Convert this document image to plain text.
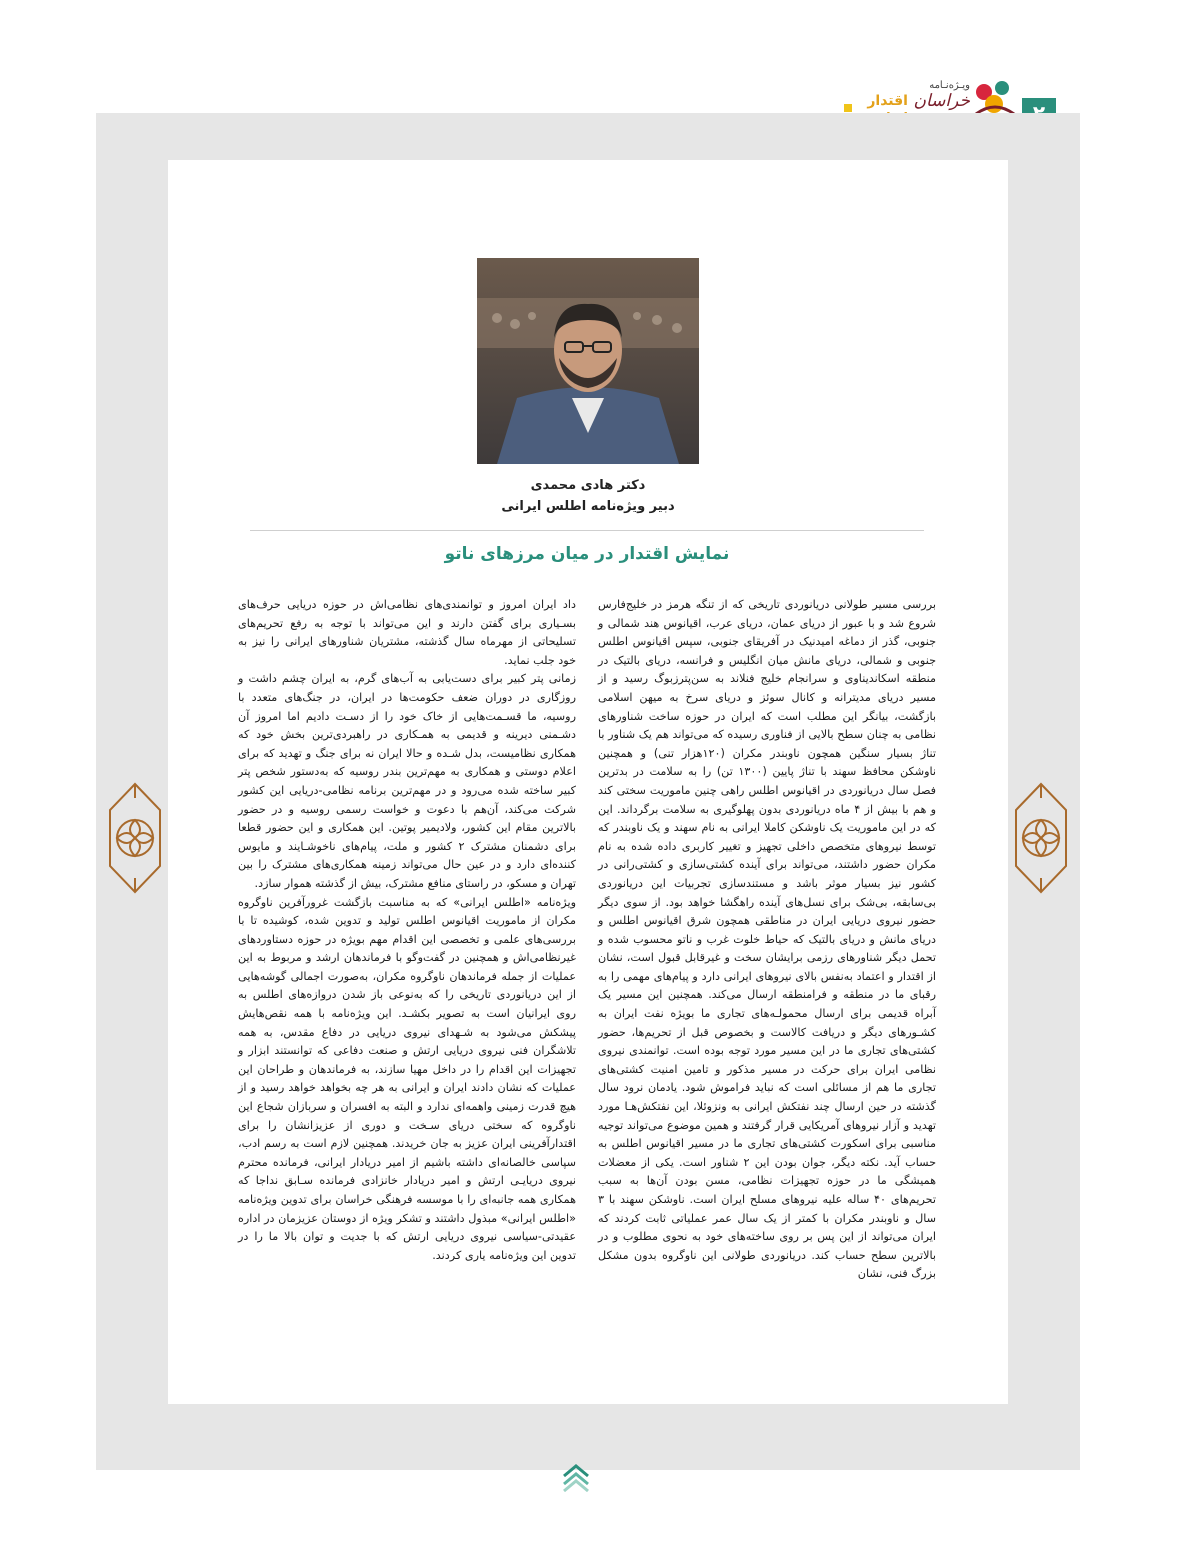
ویـژه‌نـامه
خراسان
اقتدار
دکتر هادی محمدی
دبیر ویژه‌نامه اطلس ایرانی
نمایش اقتدار در میان مرزهای ناتو

بررسی مسیر طولانی دریانوردی تاریخی که از تنگه هرمز در خلیج‌فارس شروع شد و با عبور از دریای عمان، دریای عرب، اقیانوس هند شمالی و جنوبی، گذر از دماغه امیدنیک در آفریقای جنوبی، سپس اقیانوس اطلس جنوبی و شمالی، دریای مانش میان انگلیس و فرانسه، دریای بالتیک در منطقه اسکاندیناوی و سرانجام خلیج فنلاند به سن‌پترزبوگ رسید و از مسیر دریای مدیترانه و کانال سوئز و دریای سرخ به میهن اسلامی بازگشت، بیانگر این مطلب است که ایران در حوزه ساخت شناورهای نظامی به چنان سطح بالایی از فناوری رسیده که می‌تواند هم یک شناور با تناژ بسیار سنگین همچون ناوبندر مکران (۱۲۰هزار تنی) و همچنین ناوشکن محافظ سهند با تناژ پایین (۱۳۰۰ تن) را به سلامت در بدترین فصل سال دریانوردی در اقیانوس اطلس راهی چنین ماموریت سختی کند و هم با بیش از ۴ ماه دریانوردی بدون پهلوگیری به سلامت برگرداند. این که در این ماموریت یک ناوشکن کاملا ایرانی به نام سهند و یک ناوبندر که توسط نیروهای متخصص داخلی تجهیز و تغییر کاربری داده شده به نام مکران حضور داشتند، می‌تواند برای آینده کشتی‌سازی و کشتی‌رانی در کشور نیز بسیار موثر باشد و مستندسازی تجربیات این دریانوردی بی‌سابقه، بی‌شک برای نسل‌های آینده راهگشا خواهد بود. از سوی دیگر حضور نیروی دریایی ایران در مناطقی همچون شرق اقیانوس اطلس و دریای مانش و دریای بالتیک که حیاط خلوت غرب و ناتو محسوب شده و تحمل دیگر شناورهای رزمی برایشان سخت و غیرقابل قبول است، نشان از اقتدار و اعتماد به‌نفس بالای نیروهای ایرانی دارد و پیام‌های مهمی را به رقبای ما در منطقه و فرامنطقه ارسال می‌کند. همچنین این مسیر یک آبراه قدیمی برای ارسال محمولـه‌های تجاری ما بویژه نفت ایران به کشـورهای دیگر و دریافت کالاست و بخصوص قبل از تحریم‌ها، حضور کشتی‌های تجاری ما در این مسیر مورد توجه بوده است. توانمندی نیروی نظامی ایران برای حرکت در مسیر مذکور و تامین امنیت کشتی‌های تجاری ما هم از مسائلی است که نباید فراموش شود. یادمان نرود سال گذشته در حین ارسال چند نفتکش ایرانی به ونزوئلا، این نفتکش‌هـا مورد تهدید و آزار نیروهای آمریکایی قرار گرفتند و همین موضوع می‌تواند توجیه مناسبی برای اسکورت کشتی‌های تجاری ما در مسیر اقیانوس اطلس به حساب آید. نکته دیگر، جوان بودن این ۲ شناور است. یکی از معضلات همیشگی ما در حوزه تجهیزات نظامی، مسن بودن آن‌ها به سبب تحریم‌های ۴۰ ساله علیه نیروهای مسلح ایران است. ناوشکن سهند با ۳ سال و ناوبندر مکران با کمتر از یک سال عمر عملیاتی ثابت کردند که ایران می‌تواند از این پس بر روی ساخته‌های خود به نحوی مطلوب و در بالاترین سطح حساب کند. دریانوردی طولانی این ناوگروه بدون مشکل بزرگ فنی، نشان

داد ایران امروز و توانمندی‌های نظامی‌اش در حوزه دریایی حرف‌های بسـیاری برای گفتن دارند و این می‌تواند با توجه به رفع تحریم‌های تسلیحاتی از مهرماه سال گذشته، مشتریان شناورهای ایرانی را نیز به خود جلب نماید.

زمانی پتر کبیر برای دست‌یابی به آب‌های گرم، به ایران چشم داشت و روزگاری در دوران ضعف حکومت‌ها در ایران، در جنگ‌های متعدد با روسیه، ما قسـمت‌هایی از خاک خود را از دسـت دادیم اما امروز آن دشـمنی دیرینه و قدیمی به همـکاری در راهبردی‌ترین بخش خود که همکاری نظامیست، بدل شـده و حالا ایران نه برای جنگ و تهدید که برای اعلام دوستی و همکاری به مهم‌ترین بندر روسیه که به‌دستور شخص پتر کبیر ساخته شده می‌رود و در مهم‌ترین برنامه نظامی-دریایی این کشور شرکت می‌کند، آن‌هم با دعوت و خواست رسمی روسیه و در حضور بالاترین مقام این کشور، ولادیمیر پوتین. این همکاری و این حضور قطعا برای دشمنان مشترک ۲ کشور و ملت، پیام‌های ناخوشـایند و مایوس کننده‌ای دارد و در عین حال می‌تواند زمینه همکاری‌های مشترک را بین تهران و مسکو، در راستای منافع مشترک، بیش از گذشته هموار سازد.

ویژه‌نامه «اطلس ایرانی» که به مناسبت بازگشت غرورآفرین ناوگروه مکران از ماموریت اقیانوس اطلس تولید و تدوین شده، کوشیده تا با بررسی‌های علمی و تخصصی این اقدام مهم بویژه در حوزه دستاوردهای غیرنظامی‌اش و همچنین در گفت‌وگو با فرماندهان ارشد و مربوط به این عملیات از جمله فرماندهان ناوگروه مکران، به‌صورت اجمالی گوشه‌هایی از این دریانوردی تاریخی را که به‌نوعی باز شدن دروازه‌های اطلس به روی ایرانیان است به تصویر بکشـد. این ویژه‌نامه با همه نقص‌هایش پیشکش می‌شود به شـهدای نیروی دریایی در دفاع مقدس، به همه تلاشگران فنی نیروی دریایی ارتش و صنعت دفاعی که توانستند ابزار و تجهیزات این اقدام را در داخل مهیا سازند، به فرماندهان و طراحان این عملیات که نشان دادند ایران و ایرانی به هر چه بخواهد خواهد رسید و از هیچ قدرت زمینی واهمه‌ای ندارد و البته به افسران و سربازان شجاع این ناوگروه که سختی دریای سـخت و دوری از عزیزانشان را برای اقتدارآفرینی ایران عزیز به جان خریدند. همچنین لازم است به رسم ادب، سپاسی خالصانه‌ای داشته باشیم از امیر دریادار ایرانی، فرمانده محترم نیروی دریایـی ارتش و امیر دریادار خانزادی فرمانده سـابق نداجا که همکاری همه جانبه‌ای را با موسسه فرهنگی خراسان برای تدوین ویژه‌نامه «اطلس ایرانی» مبذول داشتند و تشکر ویژه از دوستان عزیزمان در اداره عقیدتی-سیاسی نیروی دریایی ارتش که با جدیت و توان بالا ما را در تدوین این ویژه‌نامه یاری کردند.
